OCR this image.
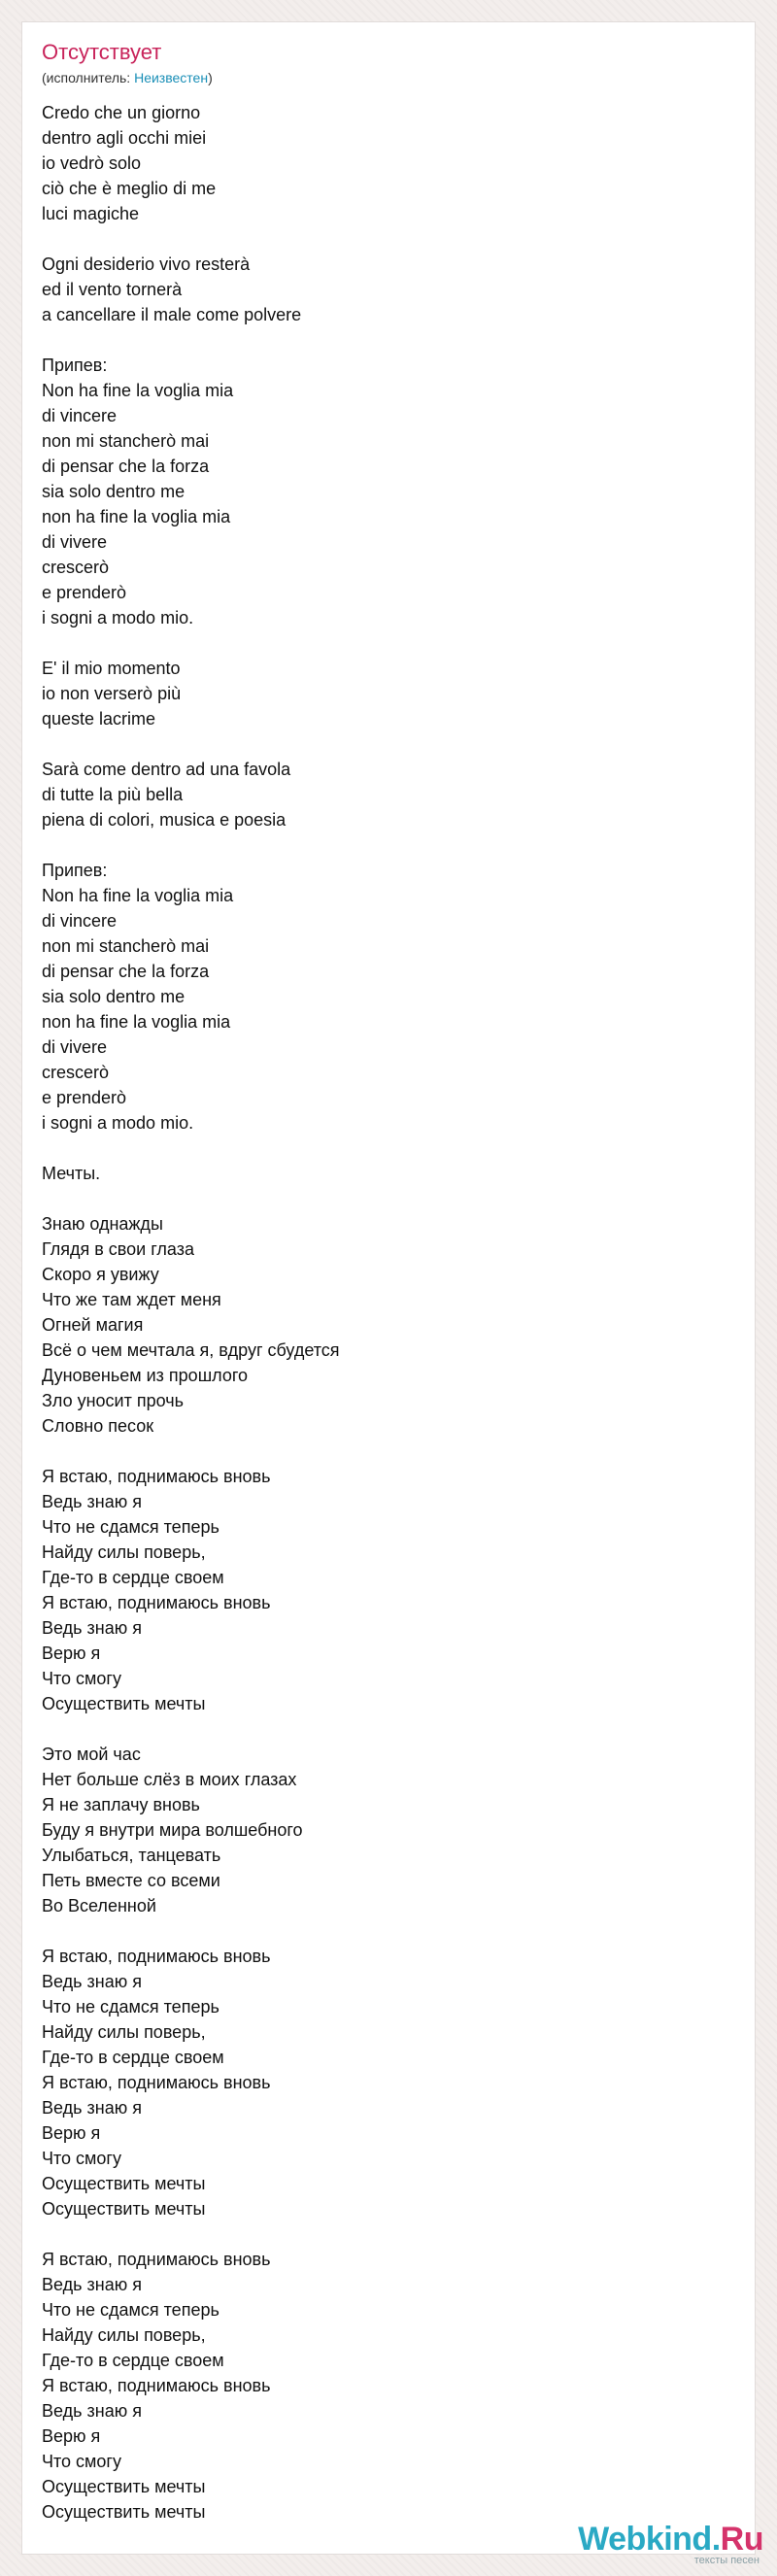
Отсутствует
(исполнитель: Неизвестен)
Credo che un giorno
dentro agli occhi miei
io vedrò solo
ciò che è meglio di me
luci magiche
Ogni desiderio vivo resterà
ed il vento tornerà
a cancellare il male come polvere
Припев:
Non ha fine la voglia mia
di vincere
non mi stancherò mai
di pensar che la forza
sia solo dentro me
non ha fine la voglia mia
di vivere
crescerò
e prenderò
i sogni a modo mio.
E' il mio momento
io non verserò più
queste lacrime
Sarà come dentro ad una favola
di tutte la più bella
piena di colori, musica e poesia
Припев:
Non ha fine la voglia mia
di vincere
non mi stancherò mai
di pensar che la forza
sia solo dentro me
non ha fine la voglia mia
di vivere
crescerò
e prenderò
i sogni a modo mio.
Мечты.
Знаю однажды
Глядя в свои глаза
Скоро я увижу
Что же там ждет меня
Огней магия
Всё о чем мечтала я, вдруг сбудется
Дуновеньем из прошлого
Зло уносит прочь
Словно песок
Я встаю, поднимаюсь вновь
Ведь знаю я
Что не сдамся теперь
Найду силы поверь,
Где-то в сердце своем
Я встаю, поднимаюсь вновь
Ведь знаю я
Верю я
Что смогу
Осуществить мечты
Это мой час
Нет больше слёз в моих глазах
Я не заплачу вновь
Буду я внутри мира волшебного
Улыбаться, танцевать
Петь вместе со всеми
Во Вселенной
Я встаю, поднимаюсь вновь
Ведь знаю я
Что не сдамся теперь
Найду силы поверь,
Где-то в сердце своем
Я встаю, поднимаюсь вновь
Ведь знаю я
Верю я
Что смогу
Осуществить мечты
Осуществить мечты
Я встаю, поднимаюсь вновь
Ведь знаю я
Что не сдамся теперь
Найду силы поверь,
Где-то в сердце своем
Я встаю, поднимаюсь вновь
Ведь знаю я
Верю я
Что смогу
Осуществить мечты
Осуществить мечты
Webkind.Ru
тексты песен
